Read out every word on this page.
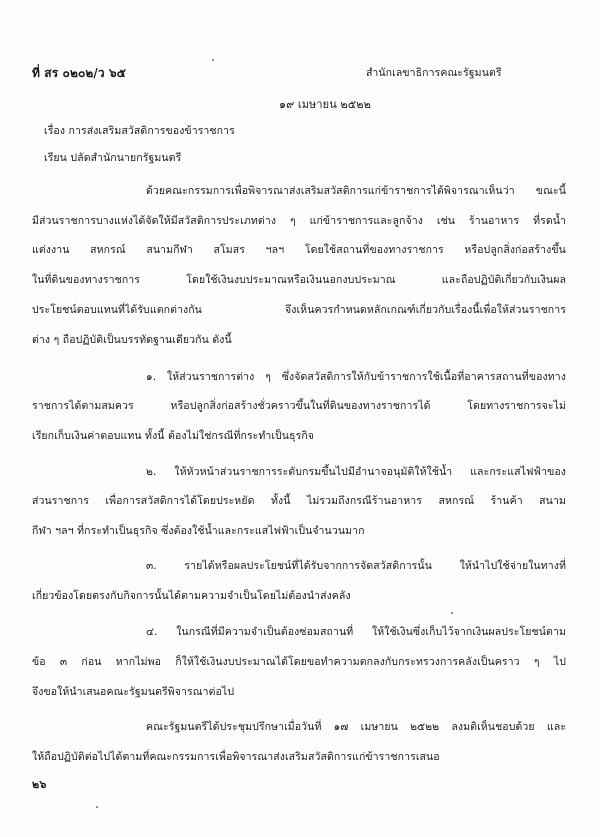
ที่ สร ๐๒๐๒/ว ๖๕	สำนักเลขาธิการคณะรัฐมนตรี
๑๙ เมษายน ๒๕๒๒
เรื่อง การส่งเสริมสวัสดิการของข้าราชการ
เรียน ปลัดสำนักนายกรัฐมนตรี
ด้วยคณะกรรมการเพื่อพิจารณาส่งเสริมสวัสดิการแก่ข้าราชการได้พิจารณาเห็นว่า ขณะนี้
มีส่วนราชการบางแห่งได้จัดให้มีสวัสดิการประเภทต่าง ๆ แก่ข้าราชการและลูกจ้าง เช่น ร้านอาหาร ที่รดน้ำ
แต่งงาน สหกรณ์ สนามกีฬา สโมสร ฯลฯ โดยใช้สถานที่ของทางราชการ หรือปลูกสิ่งก่อสร้างขึ้น
ในที่ดินของทางราชการ	โดยใช้เงินงบประมาณหรือเงินนอกงบประมาณ	และถือปฏิบัติเกี่ยวกับเงินผล
ประโยชน์ตอบแทนที่ได้รับแตกต่างกัน	จึงเห็นควรกำหนดหลักเกณฑ์เกี่ยวกับเรื่องนี้เพื่อให้ส่วนราชการ
ต่าง ๆ ถือปฏิบัติเป็นบรรทัดฐานเดียวกัน ดังนี้
๑. ให้ส่วนราชการต่าง ๆ ซึ่งจัดสวัสดิการให้กับข้าราชการใช้เนื้อที่อาคารสถานที่ของทาง
ราชการได้ตามสมควร	หรือปลูกสิ่งก่อสร้างชั่วคราวขึ้นในที่ดินของทางราชการได้	โดยทางราชการจะไม่
เรียกเก็บเงินค่าตอบแทน ทั้งนี้ ต้องไม่ใช่กรณีที่กระทำเป็นธุรกิจ
๒. ให้หัวหน้าส่วนราชการระดับกรมขึ้นไปมีอำนาจอนุมัติให้ใช้น้ำ และกระแสไฟฟ้าของ
ส่วนราชการ เพื่อการสวัสดิการได้โดยประหยัด ทั้งนี้ ไม่รวมถึงกรณีร้านอาหาร สหกรณ์ ร้านค้า สนาม
กีฬา ฯลฯ ที่กระทำเป็นธุรกิจ ซึ่งต้องใช้น้ำและกระแสไฟฟ้าเป็นจำนวนมาก
๓.	รายได้หรือผลประโยชน์ที่ได้รับจากการจัดสวัสดิการนั้น	ให้นำไปใช้จ่ายในทางที่
เกี่ยวข้องโดยตรงกับกิจการนั้นได้ตามความจำเป็นโดยไม่ต้องนำส่งคลัง
๔. ในกรณีที่มีความจำเป็นต้องซ่อมสถานที่ ให้ใช้เงินซึ่งเก็บไว้จากเงินผลประโยชน์ตาม
ข้อ ๓ ก่อน หากไม่พอ ก็ให้ใช้เงินงบประมาณได้โดยขอทำความตกลงกับกระทรวงการคลังเป็นคราว ๆ ไป
จึงขอให้นำเสนอคณะรัฐมนตรีพิจารณาต่อไป
คณะรัฐมนตรีได้ประชุมปรึกษาเมื่อวันที่ ๑๗ เมษายน ๒๕๒๒ ลงมติเห็นชอบด้วย และ
ให้ถือปฏิบัติต่อไปได้ตามที่คณะกรรมการเพื่อพิจารณาส่งเสริมสวัสดิการแก่ข้าราชการเสนอ
๒๖
